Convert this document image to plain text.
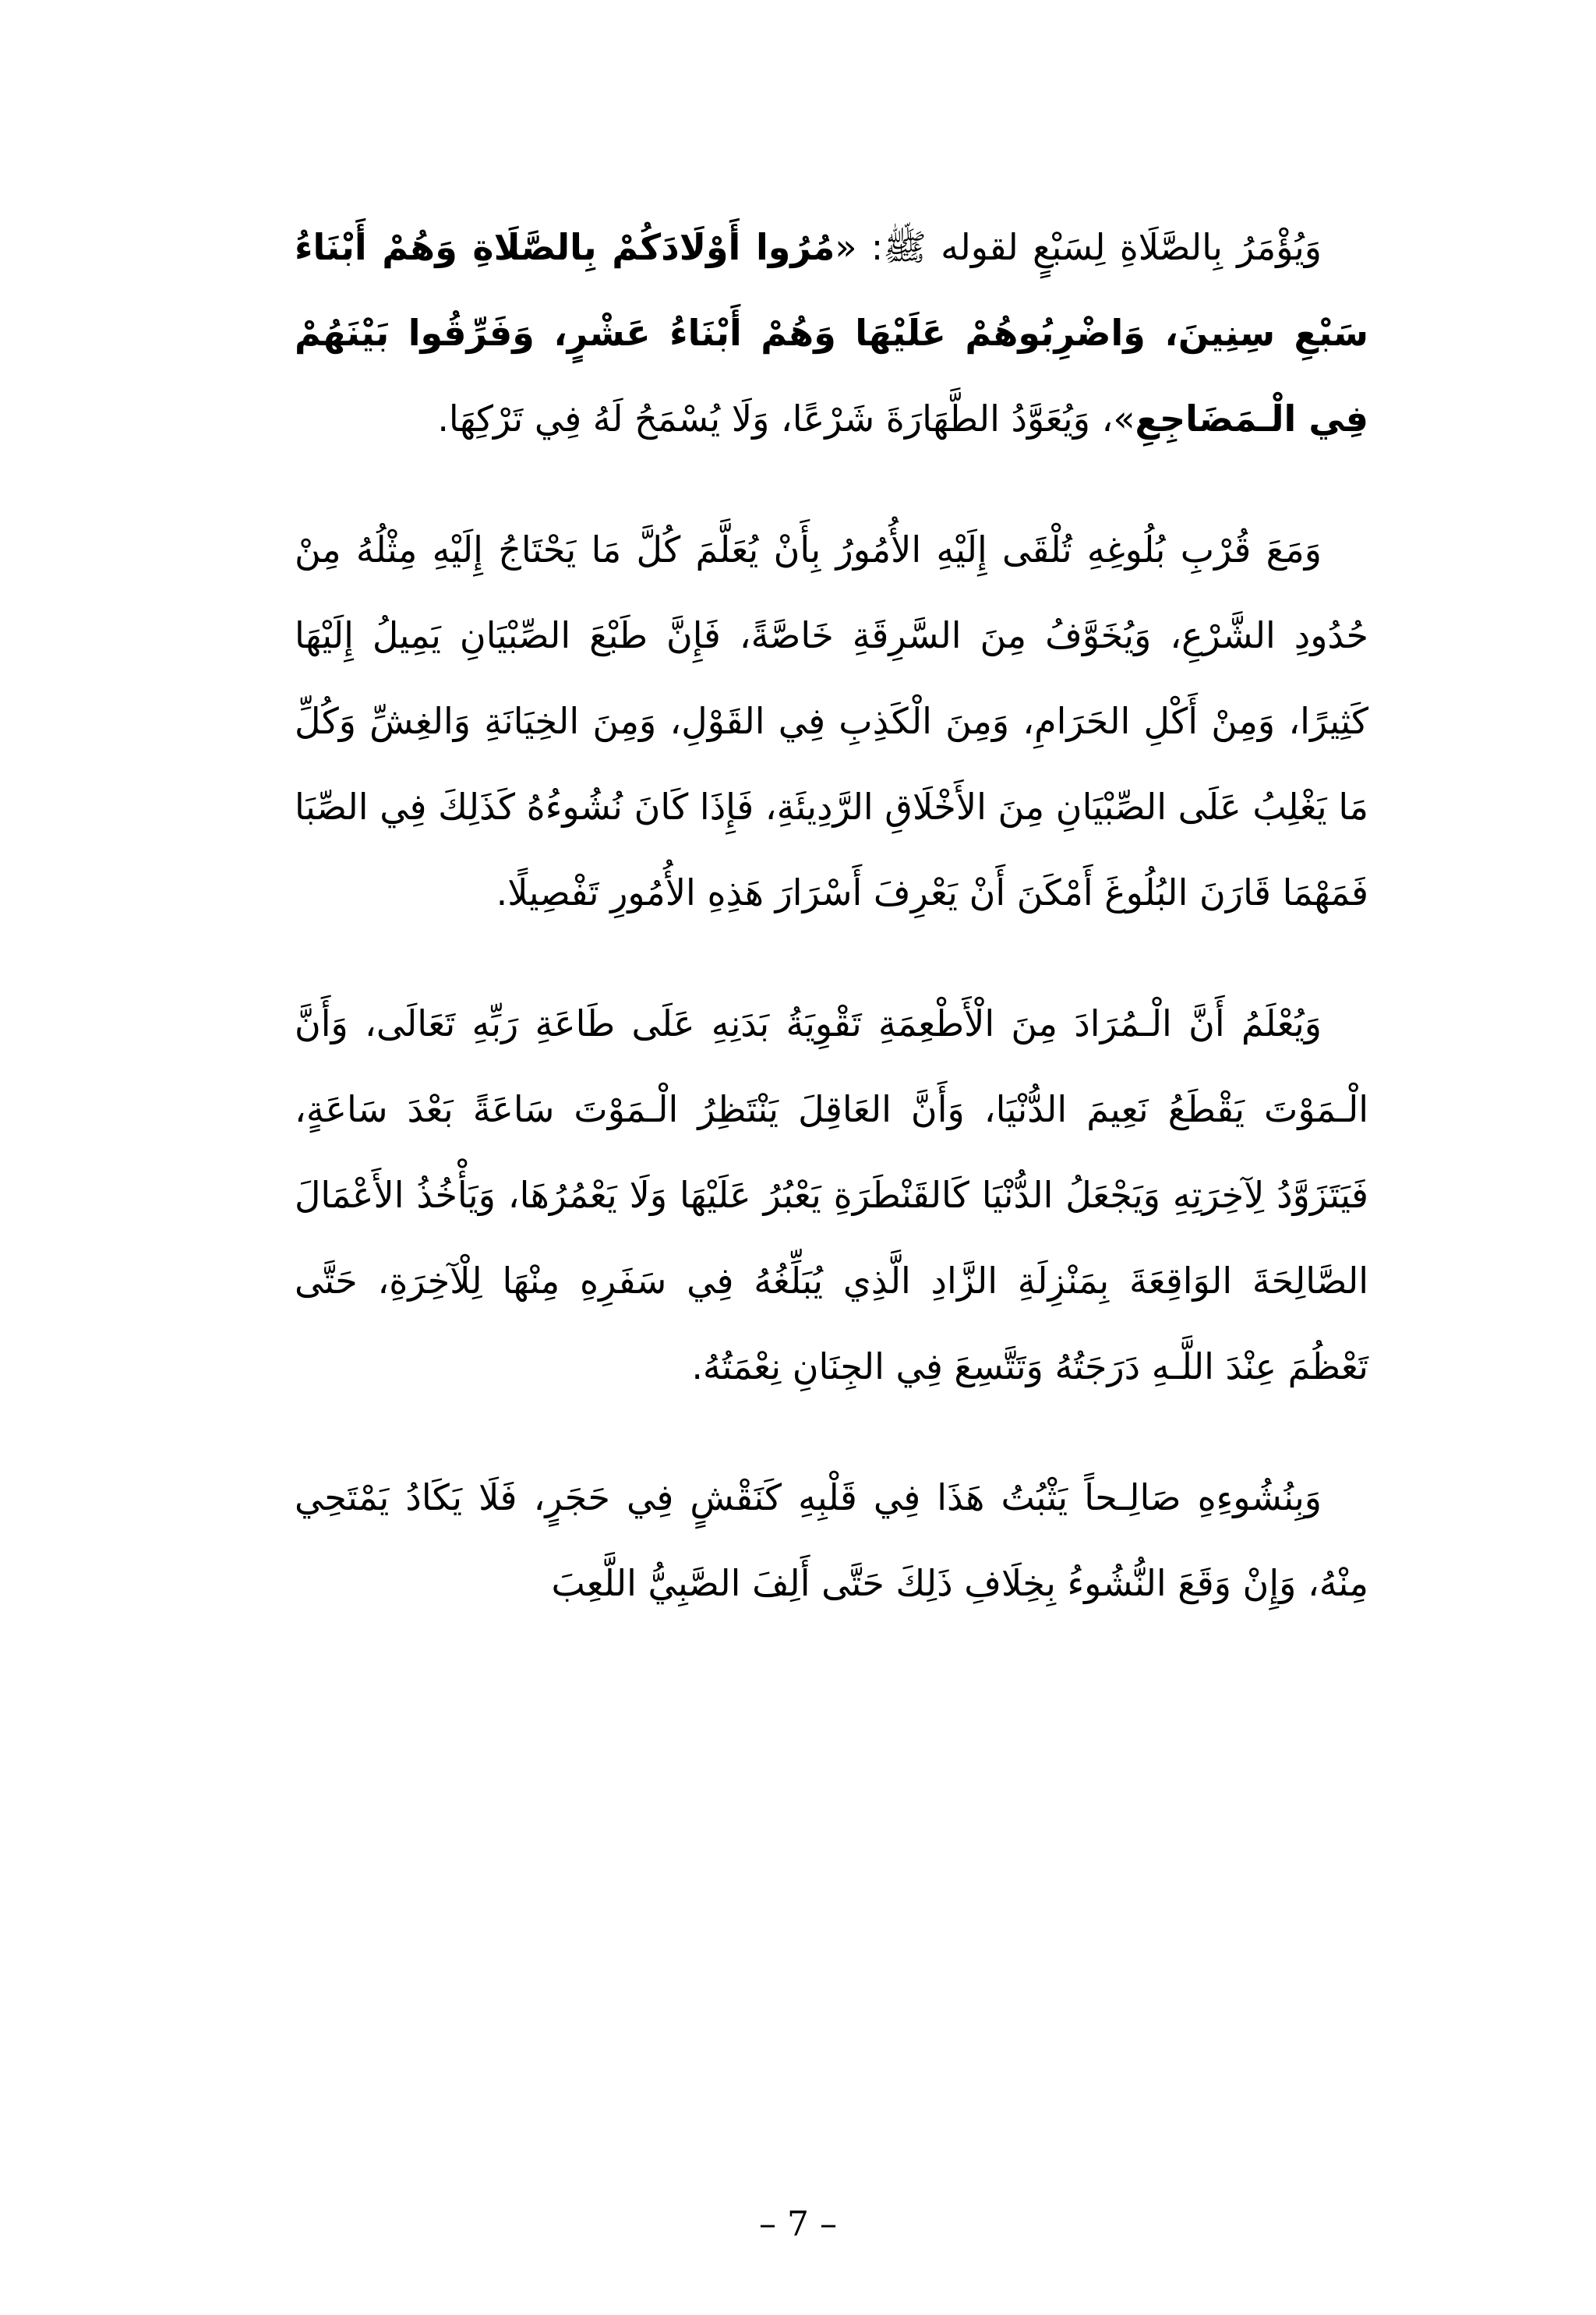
وَيُؤْمَرُ بِالصَّلَاةِ لِسَبْعٍ لقوله ﷺ: «مُرُوا أَوْلَادَكُمْ بِالصَّلَاةِ وَهُمْ أَبْنَاءُ سَبْعِ سِنِينَ، وَاضْرِبُوهُمْ عَلَيْهَا وَهُمْ أَبْنَاءُ عَشْرٍ، وَفَرِّقُوا بَيْنَهُمْ فِي الْـمَضَاجِعِ»، وَيُعَوَّدُ الطَّهَارَةَ شَرْعًا، وَلَا يُسْمَحُ لَهُ فِي تَرْكِهَا.

وَمَعَ قُرْبِ بُلُوغِهِ تُلْقَى إِلَيْهِ الأُمُورُ بِأَنْ يُعَلَّمَ كُلَّ مَا يَحْتَاجُ إِلَيْهِ مِثْلُهُ مِنْ حُدُودِ الشَّرْعِ، وَيُخَوَّفُ مِنَ السَّرِقَةِ خَاصَّةً، فَإِنَّ طَبْعَ الصِّبْيَانِ يَمِيلُ إِلَيْهَا كَثِيرًا، وَمِنْ أَكْلِ الحَرَامِ، وَمِنَ الْكَذِبِ فِي القَوْلِ، وَمِنَ الخِيَانَةِ وَالغِشِّ وَكُلِّ مَا يَغْلِبُ عَلَى الصِّبْيَانِ مِنَ الأَخْلَاقِ الرَّدِيئَةِ، فَإِذَا كَانَ نُشُوءُهُ كَذَلِكَ فِي الصِّبَا فَمَهْمَا قَارَنَ البُلُوغَ أَمْكَنَ أَنْ يَعْرِفَ أَسْرَارَ هَذِهِ الأُمُورِ تَفْصِيلًا.

وَيُعْلَمُ أَنَّ الْـمُرَادَ مِنَ الْأَطْعِمَةِ تَقْوِيَةُ بَدَنِهِ عَلَى طَاعَةِ رَبِّهِ تَعَالَى، وَأَنَّ الْـمَوْتَ يَقْطَعُ نَعِيمَ الدُّنْيَا، وَأَنَّ العَاقِلَ يَنْتَظِرُ الْـمَوْتَ سَاعَةً بَعْدَ سَاعَةٍ، فَيَتَزَوَّدُ لِآخِرَتِهِ وَيَجْعَلُ الدُّنْيَا كَالقَنْطَرَةِ يَعْبُرُ عَلَيْهَا وَلَا يَعْمُرُهَا، وَيَأْخُذُ الأَعْمَالَ الصَّالِحَةَ الوَاقِعَةَ بِمَنْزِلَةِ الزَّادِ الَّذِي يُبَلِّغُهُ فِي سَفَرِهِ مِنْهَا لِلْآخِرَةِ، حَتَّى تَعْظُمَ عِنْدَ اللَّـهِ دَرَجَتُهُ وَتَتَّسِعَ فِي الجِنَانِ نِعْمَتُهُ.

وَبِنُشُوءِهِ صَالِـحاً يَثْبُتُ هَذَا فِي قَلْبِهِ كَنَقْشٍ فِي حَجَرٍ، فَلَا يَكَادُ يَمْتَحِي مِنْهُ، وَإِنْ وَقَعَ النُّشُوءُ بِخِلَافِ ذَلِكَ حَتَّى أَلِفَ الصَّبِيُّ اللَّعِبَ

– 7 –
